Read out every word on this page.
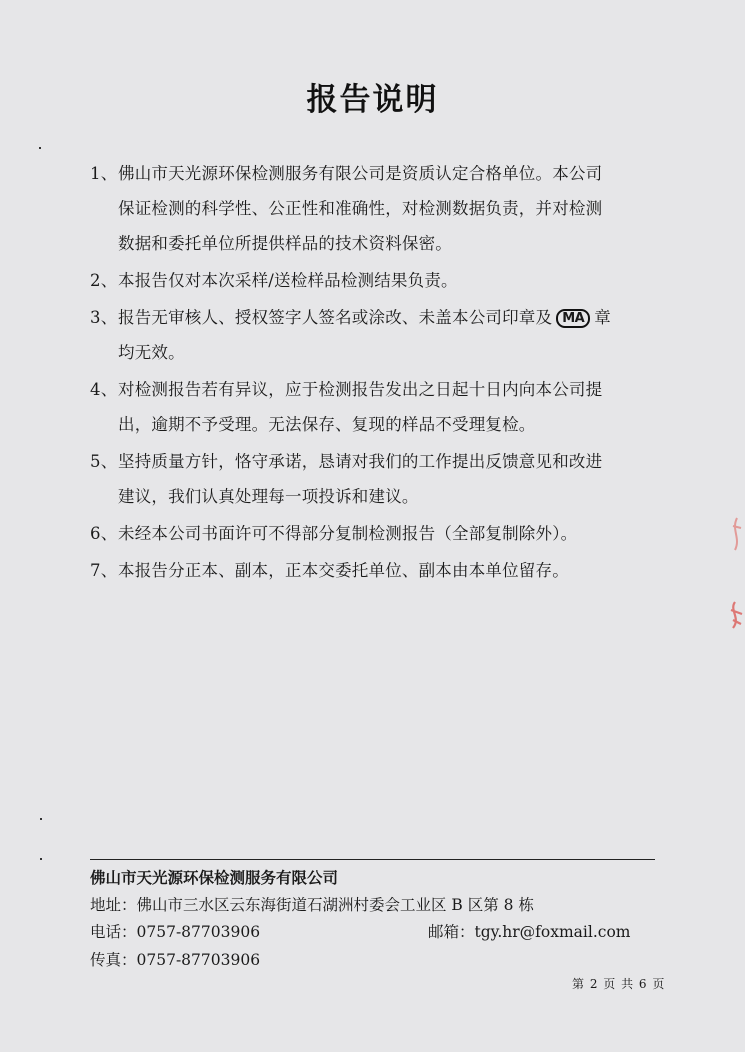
报告说明
1、佛山市天光源环保检测服务有限公司是资质认定合格单位。本公司
保证检测的科学性、公正性和准确性，对检测数据负责，并对检测
数据和委托单位所提供样品的技术资料保密。
2、本报告仅对本次采样/送检样品检测结果负责。
3、报告无审核人、授权签字人签名或涂改、未盖本公司印章及 MA 章
均无效。
4、对检测报告若有异议，应于检测报告发出之日起十日内向本公司提
出，逾期不予受理。无法保存、复现的样品不受理复检。
5、坚持质量方针，恪守承诺，恳请对我们的工作提出反馈意见和改进
建议，我们认真处理每一项投诉和建议。
6、未经本公司书面许可不得部分复制检测报告（全部复制除外）。
7、本报告分正本、副本，正本交委托单位、副本由本单位留存。
佛山市天光源环保检测服务有限公司
地址：佛山市三水区云东海街道石湖洲村委会工业区 B 区第 8 栋
电话：0757-87703906	邮箱：tgy.hr@foxmail.com
传真：0757-87703906
第 2 页 共 6 页
